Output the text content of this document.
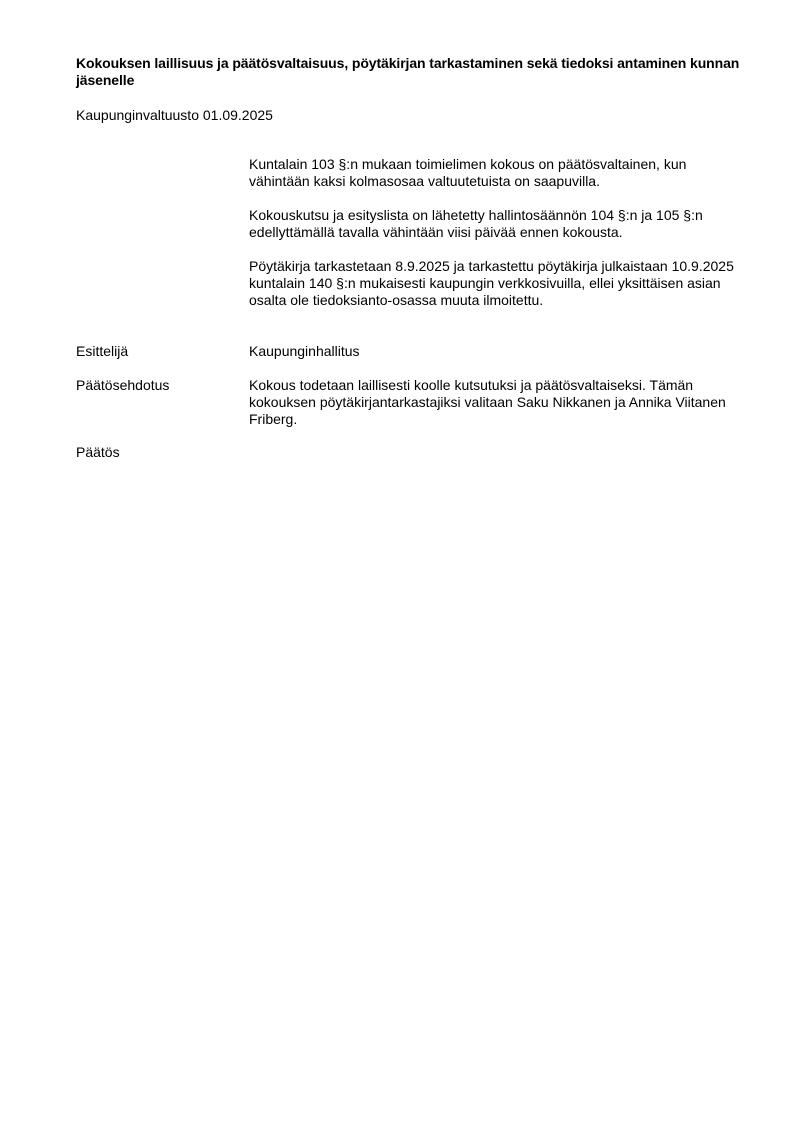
Kokouksen laillisuus ja päätösvaltaisuus, pöytäkirjan tarkastaminen sekä tiedoksi antaminen kunnan jäsenelle
Kaupunginvaltuusto 01.09.2025
Kuntalain 103 §:n mukaan toimielimen kokous on päätösvaltainen, kun vähintään kaksi kolmasosaa valtuutetuista on saapuvilla.
Kokouskutsu ja esityslista on lähetetty hallintosäännön 104 §:n ja 105 §:n edellyttämällä tavalla vähintään viisi päivää ennen kokousta.
Pöytäkirja tarkastetaan 8.9.2025 ja tarkastettu pöytäkirja julkaistaan 10.9.2025 kuntalain 140 §:n mukaisesti kaupungin verkkosivuilla, ellei yksittäisen asian osalta ole tiedoksianto-osassa muuta ilmoitettu.
Esittelijä	Kaupunginhallitus
Päätösehdotus	Kokous todetaan laillisesti koolle kutsutuksi ja päätösvaltaiseksi. Tämän kokouksen pöytäkirjantarkastajiksi valitaan Saku Nikkanen ja Annika Viitanen Friberg.
Päätös
